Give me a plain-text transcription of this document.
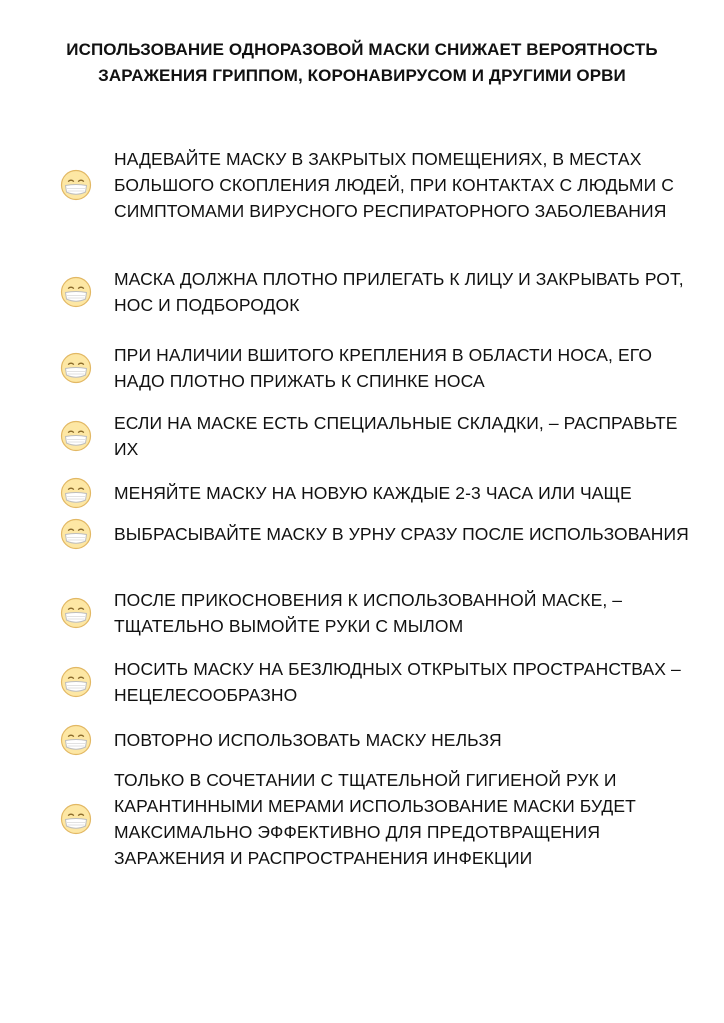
ИСПОЛЬЗОВАНИЕ ОДНОРАЗОВОЙ МАСКИ СНИЖАЕТ ВЕРОЯТНОСТЬ ЗАРАЖЕНИЯ ГРИППОМ, КОРОНАВИРУСОМ И ДРУГИМИ ОРВИ
НАДЕВАЙТЕ МАСКУ В ЗАКРЫТЫХ ПОМЕЩЕНИЯХ, В МЕСТАХ БОЛЬШОГО СКОПЛЕНИЯ ЛЮДЕЙ, ПРИ КОНТАКТАХ С ЛЮДЬМИ С СИМПТОМАМИ ВИРУСНОГО РЕСПИРАТОРНОГО ЗАБОЛЕВАНИЯ
МАСКА ДОЛЖНА ПЛОТНО ПРИЛЕГАТЬ К ЛИЦУ И ЗАКРЫВАТЬ РОТ, НОС И ПОДБОРОДОК
ПРИ НАЛИЧИИ ВШИТОГО КРЕПЛЕНИЯ В ОБЛАСТИ НОСА, ЕГО НАДО ПЛОТНО ПРИЖАТЬ К СПИНКЕ НОСА
ЕСЛИ НА МАСКЕ ЕСТЬ СПЕЦИАЛЬНЫЕ СКЛАДКИ, – РАСПРАВЬТЕ ИХ
МЕНЯЙТЕ МАСКУ НА НОВУЮ КАЖДЫЕ 2-3 ЧАСА ИЛИ ЧАЩЕ
ВЫБРАСЫВАЙТЕ МАСКУ В УРНУ СРАЗУ ПОСЛЕ ИСПОЛЬЗОВАНИЯ
ПОСЛЕ ПРИКОСНОВЕНИЯ К ИСПОЛЬЗОВАННОЙ МАСКЕ, – ТЩАТЕЛЬНО ВЫМОЙТЕ РУКИ С МЫЛОМ
НОСИТЬ МАСКУ НА БЕЗЛЮДНЫХ ОТКРЫТЫХ ПРОСТРАНСТВАХ – НЕЦЕЛЕСООБРАЗНО
ПОВТОРНО ИСПОЛЬЗОВАТЬ МАСКУ НЕЛЬЗЯ
ТОЛЬКО В СОЧЕТАНИИ С ТЩАТЕЛЬНОЙ ГИГИЕНОЙ РУК И КАРАНТИННЫМИ МЕРАМИ ИСПОЛЬЗОВАНИЕ МАСКИ БУДЕТ МАКСИМАЛЬНО ЭФФЕКТИВНО ДЛЯ ПРЕДОТВРАЩЕНИЯ ЗАРАЖЕНИЯ И РАСПРОСТРАНЕНИЯ ИНФЕКЦИИ
